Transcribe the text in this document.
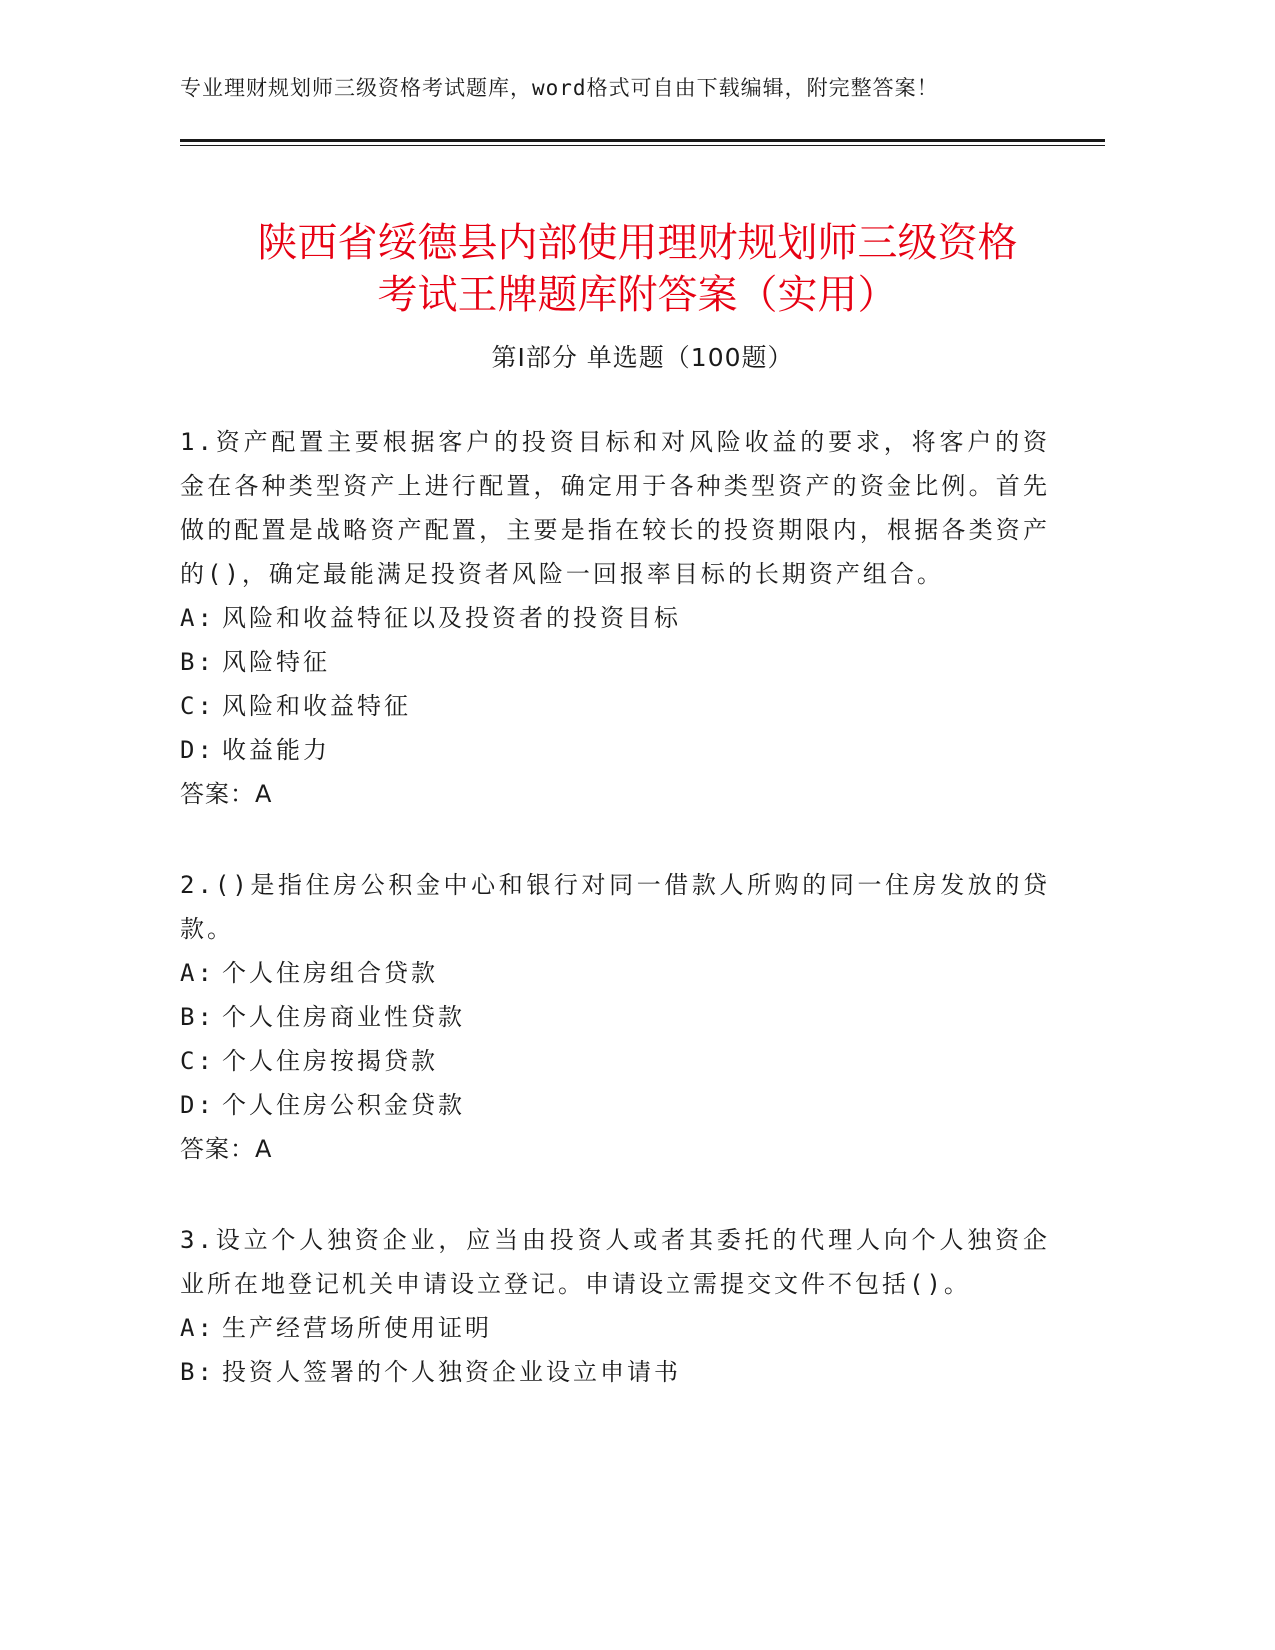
专业理财规划师三级资格考试题库，word格式可自由下载编辑，附完整答案！
陕西省绥德县内部使用理财规划师三级资格
考试王牌题库附答案（实用）
第Ⅰ部分 单选题（100题）

1.资产配置主要根据客户的投资目标和对风险收益的要求，将客户的资金在各种类型资产上进行配置，确定用于各种类型资产的资金比例。首先做的配置是战略资产配置，主要是指在较长的投资期限内，根据各类资产的()，确定最能满足投资者风险一回报率目标的长期资产组合。

A: 风险和收益特征以及投资者的投资目标
B: 风险特征
C: 风险和收益特征
D: 收益能力
答案：A

2.()是指住房公积金中心和银行对同一借款人所购的同一住房发放的贷款。

A: 个人住房组合贷款
B: 个人住房商业性贷款
C: 个人住房按揭贷款
D: 个人住房公积金贷款
答案：A

3.设立个人独资企业，应当由投资人或者其委托的代理人向个人独资企业所在地登记机关申请设立登记。申请设立需提交文件不包括()。

A: 生产经营场所使用证明
B: 投资人签署的个人独资企业设立申请书
